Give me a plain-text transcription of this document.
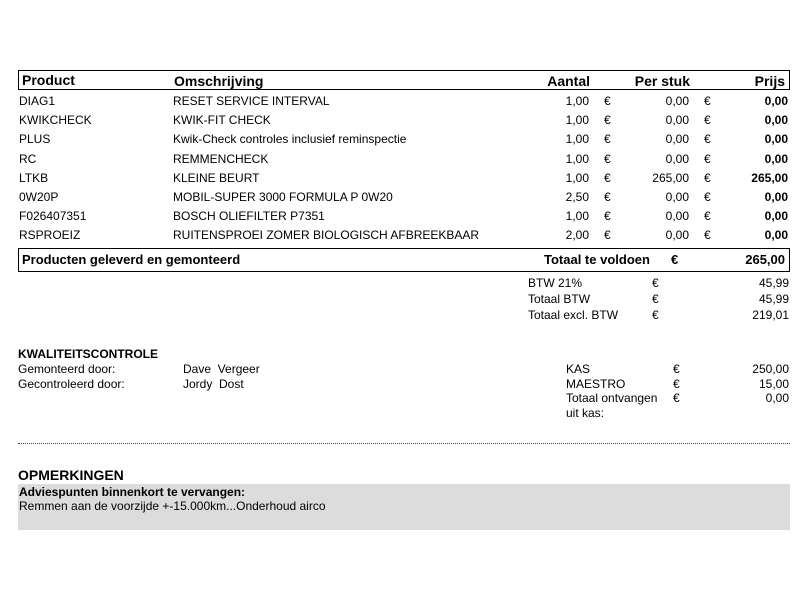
Product	Omschrijving	Aantal	Per stuk	Prijs
DIAG1	RESET SERVICE INTERVAL	1,00 €	0,00 €	0,00
KWIKCHECK	KWIK-FIT CHECK	1,00 €	0,00 €	0,00
PLUS	Kwik-Check controles inclusief reminspectie	1,00 €	0,00 €	0,00
RC	REMMENCHECK	1,00 €	0,00 €	0,00
LTKB	KLEINE BEURT	1,00 €	265,00 €	265,00
0W20P	MOBIL-SUPER 3000 FORMULA P 0W20	2,50 €	0,00 €	0,00
F026407351	BOSCH OLIEFILTER P7351	1,00 €	0,00 €	0,00
RSPROEIZ	RUITENSPROEI ZOMER BIOLOGISCH AFBREEKBAAR	2,00 €	0,00 €	0,00
Producten geleverd en gemonteerd	Totaal te voldoen €	265,00
BTW 21%	€	45,99
Totaal BTW	€	45,99
Totaal excl. BTW	€	219,01
KWALITEITSCONTROLE
Gemonteerd door:	Dave  Vergeer
Gecontroleerd door:	Jordy  Dost
KAS	€	250,00
MAESTRO	€	15,00
Totaal ontvangen €	0,00
uit kas:
OPMERKINGEN
Adviespunten binnenkort te vervangen:
Remmen aan de voorzijde +-15.000km...Onderhoud airco
